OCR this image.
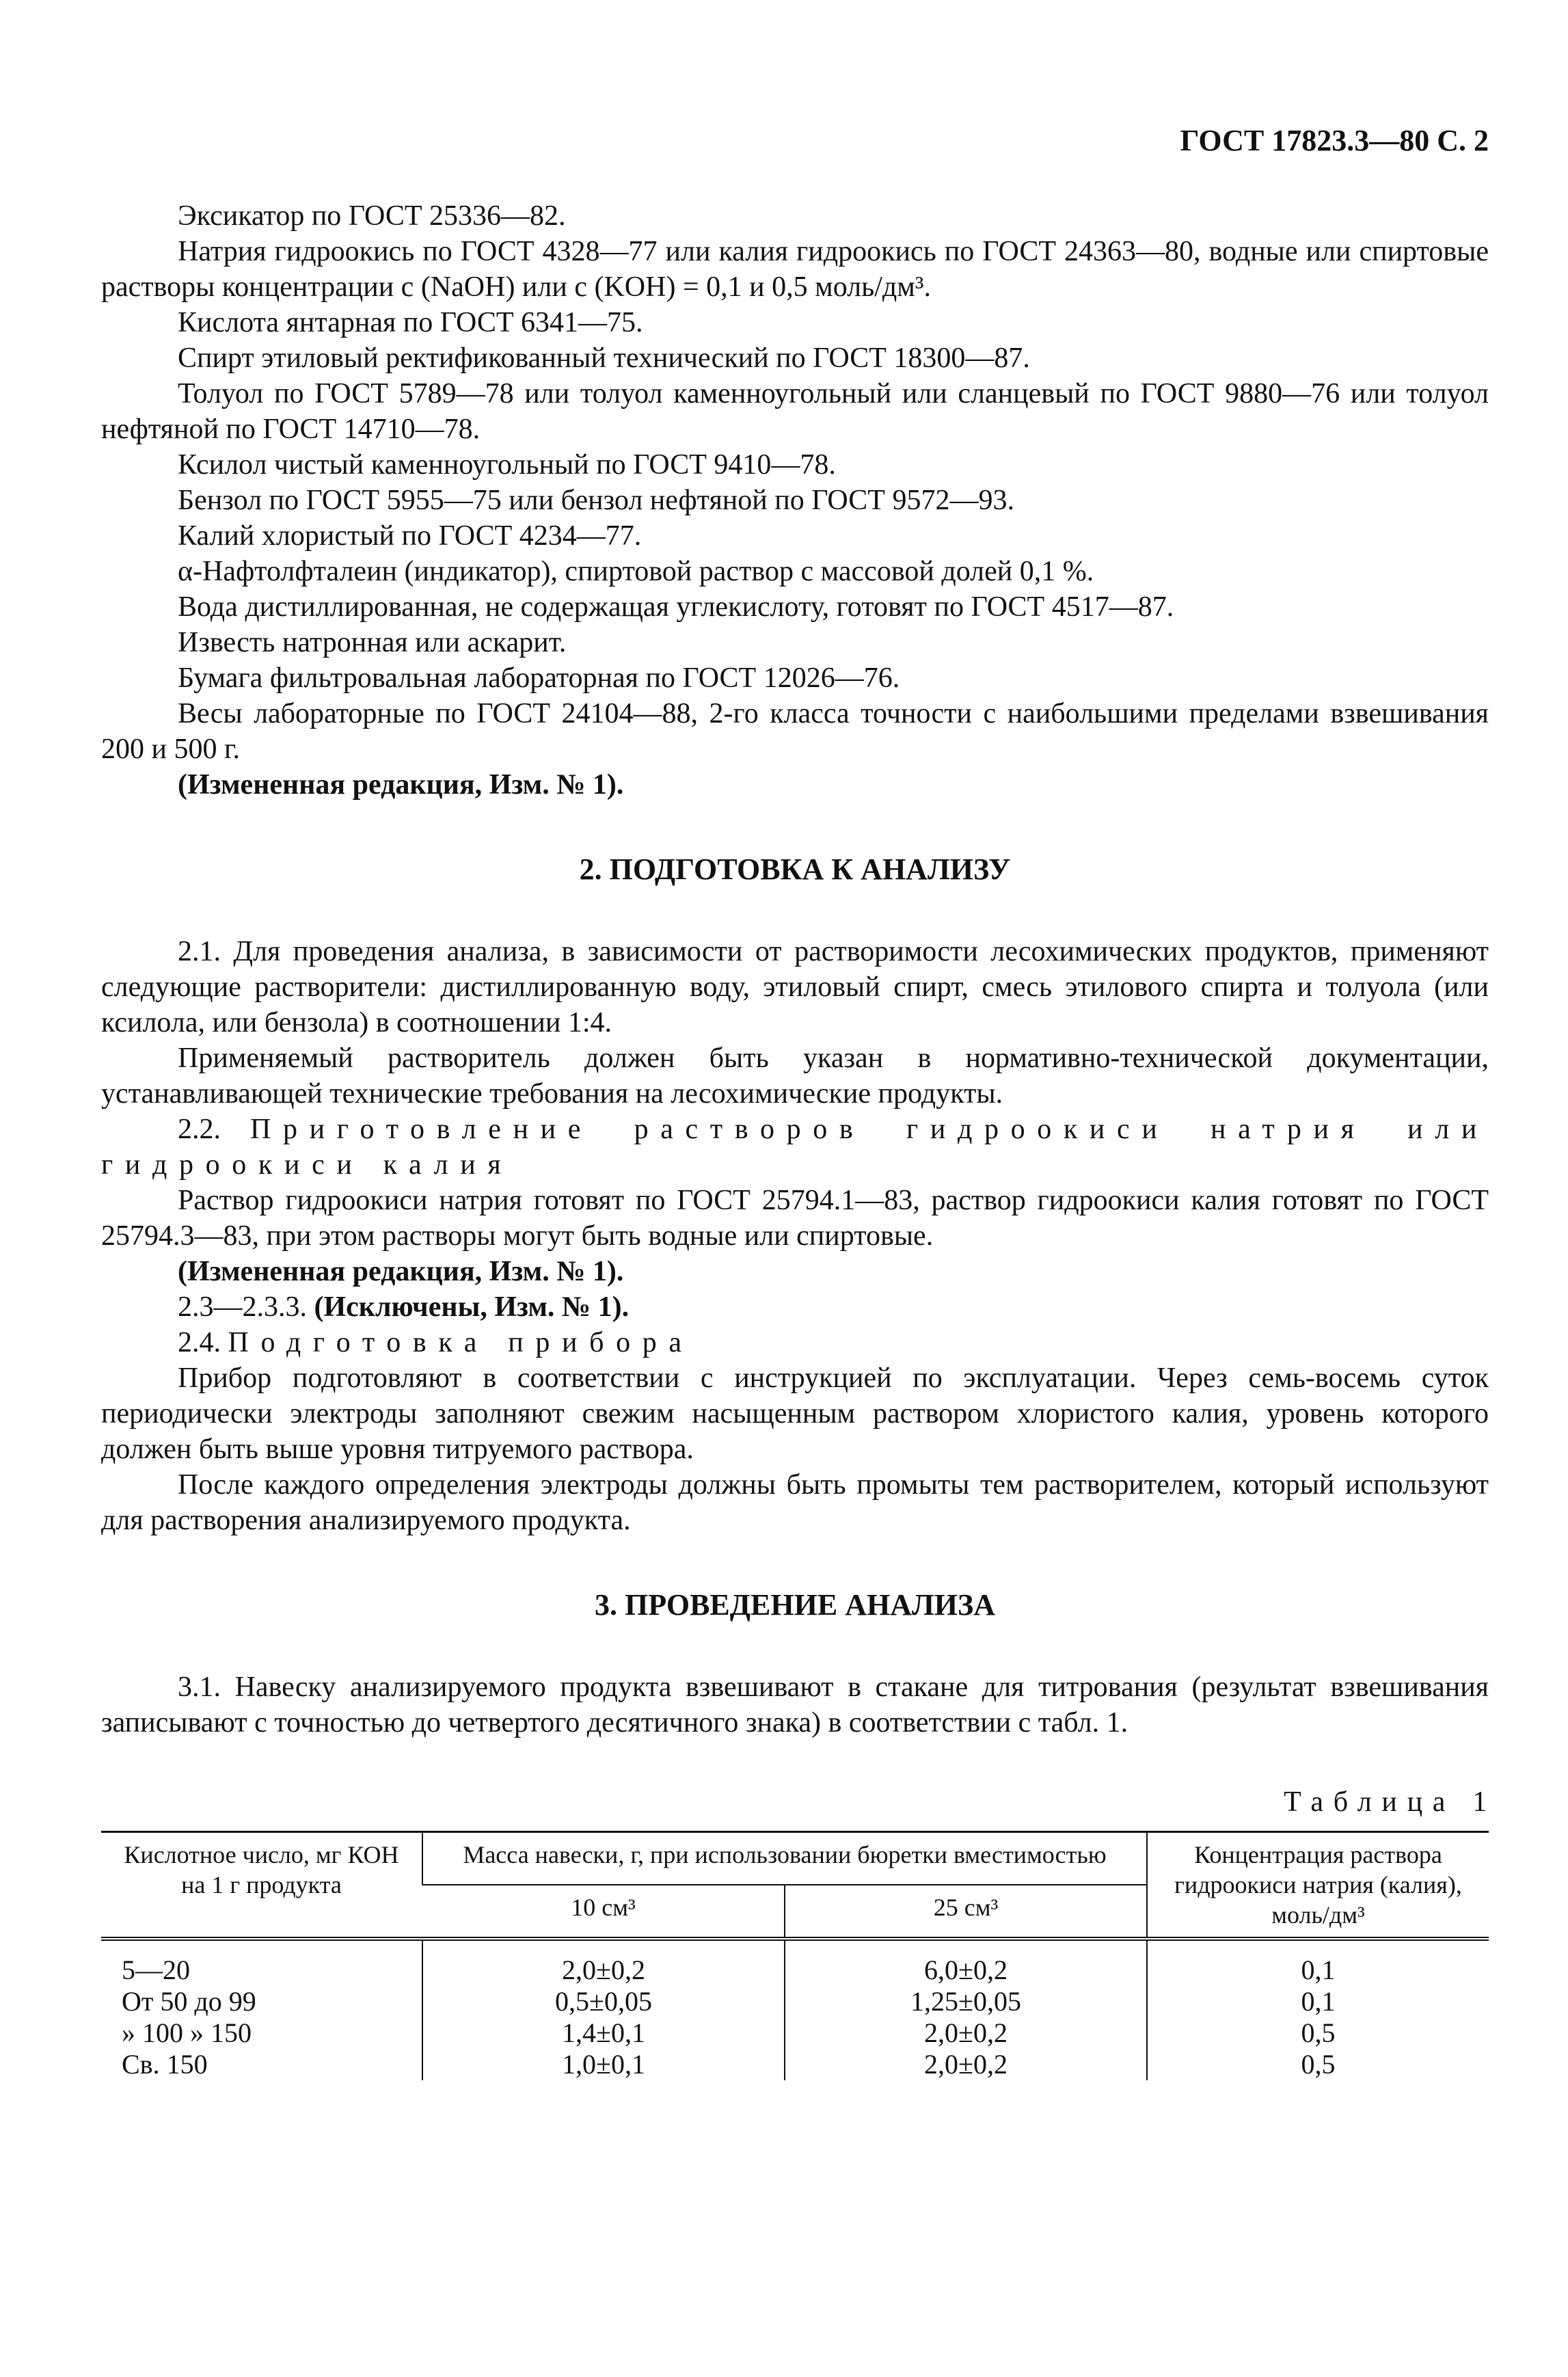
ГОСТ 17823.3—80 С. 2

Эксикатор по ГОСТ 25336—82.

Натрия гидроокись по ГОСТ 4328—77 или калия гидроокись по ГОСТ 24363—80, водные или спиртовые растворы концентрации c (NaOH) или c (KOH) = 0,1 и 0,5 моль/дм³.

Кислота янтарная по ГОСТ 6341—75.

Спирт этиловый ректификованный технический по ГОСТ 18300—87.

Толуол по ГОСТ 5789—78 или толуол каменноугольный или сланцевый по ГОСТ 9880—76 или толуол нефтяной по ГОСТ 14710—78.

Ксилол чистый каменноугольный по ГОСТ 9410—78.

Бензол по ГОСТ 5955—75 или бензол нефтяной по ГОСТ 9572—93.

Калий хлористый по ГОСТ 4234—77.

α-Нафтолфталеин (индикатор), спиртовой раствор с массовой долей 0,1 %.

Вода дистиллированная, не содержащая углекислоту, готовят по ГОСТ 4517—87.

Известь натронная или аскарит.

Бумага фильтровальная лабораторная по ГОСТ 12026—76.

Весы лабораторные по ГОСТ 24104—88, 2-го класса точности с наибольшими пределами взвешивания 200 и 500 г.

(Измененная редакция, Изм. № 1).

2. ПОДГОТОВКА К АНАЛИЗУ

2.1. Для проведения анализа, в зависимости от растворимости лесохимических продуктов, применяют следующие растворители: дистиллированную воду, этиловый спирт, смесь этилового спирта и толуола (или ксилола, или бензола) в соотношении 1:4.

Применяемый растворитель должен быть указан в нормативно-технической документации, устанавливающей технические требования на лесохимические продукты.

2.2. Приготовление растворов гидроокиси натрия или гидроокиси калия

Раствор гидроокиси натрия готовят по ГОСТ 25794.1—83, раствор гидроокиси калия готовят по ГОСТ 25794.3—83, при этом растворы могут быть водные или спиртовые.

(Измененная редакция, Изм. № 1).

2.3—2.3.3. (Исключены, Изм. № 1).

2.4. Подготовка прибора

Прибор подготовляют в соответствии с инструкцией по эксплуатации. Через семь-восемь суток периодически электроды заполняют свежим насыщенным раствором хлористого калия, уровень которого должен быть выше уровня титруемого раствора.

После каждого определения электроды должны быть промыты тем растворителем, который используют для растворения анализируемого продукта.

3. ПРОВЕДЕНИЕ АНАЛИЗА

3.1. Навеску анализируемого продукта взвешивают в стакане для титрования (результат взвешивания записывают с точностью до четвертого десятичного знака) в соответствии с табл. 1.

Таблица 1
Кислотное число, мг КОН на 1 г продукта	Масса навески, г, при использовании бюретки вместимостью		Концентрация раствора гидроокиси натрия (калия), моль/дм³
	10 см³	25 см³	
5—20	2,0±0,2	6,0±0,2	0,1
От 50 до 99	0,5±0,05	1,25±0,05	0,1
» 100 » 150	1,4±0,1	2,0±0,2	0,5
Св. 150	1,0±0,1	2,0±0,2	0,5
